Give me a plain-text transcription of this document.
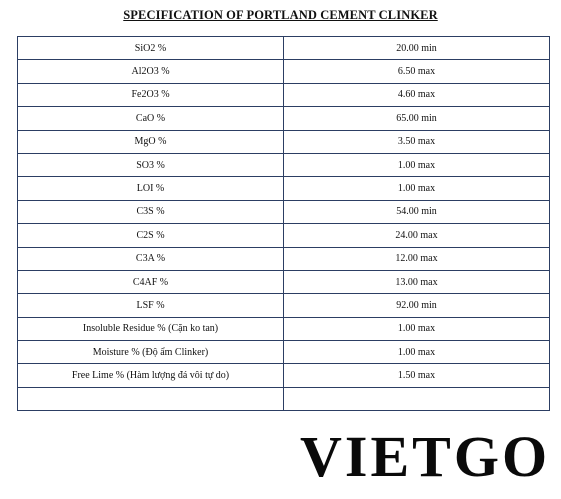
SPECIFICATION OF PORTLAND CEMENT CLINKER
SiO2 %	20.00 min
Al2O3 %	6.50 max
Fe2O3 %	4.60 max
CaO %	65.00 min
MgO %	3.50 max
SO3 %	1.00 max
LOI %	1.00 max
C3S %	54.00 min
C2S %	24.00 max
C3A %	12.00 max
C4AF %	13.00 max
LSF %	92.00 min
Insoluble Residue % (Cặn ko tan)	1.00 max
Moisture % (Độ ẩm Clinker)	1.00 max
Free Lime % (Hàm lượng đá vôi tự do)	1.50 max

VIETGO
